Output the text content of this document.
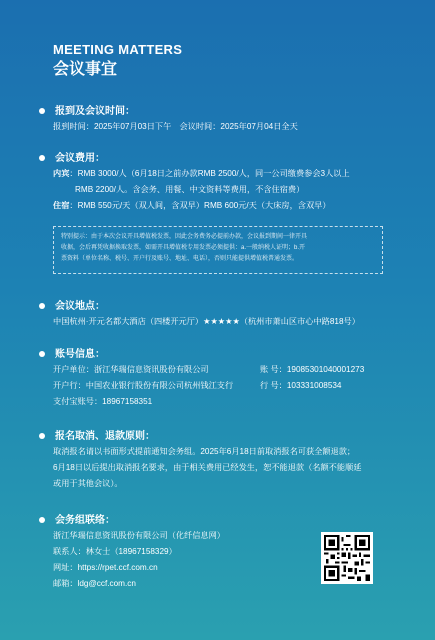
MEETING MATTERS
会议事宜
报到及会议时间：
报到时间：2025年07月03日下午　会议时间：2025年07月04日全天
会议费用：
内宾：RMB 3000/人（6月18日之前办款RMB 2500/人，同一公司缴费参会3人以上
RMB 2200/人。含会务、用餐、中文资料等费用，不含住宿费）
住宿：RMB 550元/天（双人间，含双早）RMB 600元/天（大床房，含双早）
特别提示：由于本次会议开具增值税发票，因此会务费务必提前办款，会议报到期间一律开具
收据，会后再凭收据换取发票，如需开具增值税专用发票必须提供：a.一般纳税人证明；b.开
票资料（单位名称、税号、开户行及账号、地址、电话），否则只能提供增值税普通发票。
会议地点：
中国杭州·开元名都大酒店（四楼开元厅）★★★★★（杭州市萧山区市心中路818号）
账号信息：
开户单位：浙江华瑞信息资讯股份有限公司	账 号：19085301040001273
开户行：中国农业银行股份有限公司杭州钱江支行	行 号：103331008534
支付宝账号：18967158351
报名取消、退款原则：
取消报名请以书面形式提前通知会务组。2025年6月18日前取消报名可获全额退款；
6月18日以后提出取消报名要求，由于相关费用已经发生，恕不能退款（名额不能顺延
或用于其他会议）。
会务组联络：
浙江华瑞信息资讯股份有限公司（化纤信息网）
联系人：林女士（18967158329）
网址：https://rpet.ccf.com.cn
邮箱：ldg@ccf.com.cn
